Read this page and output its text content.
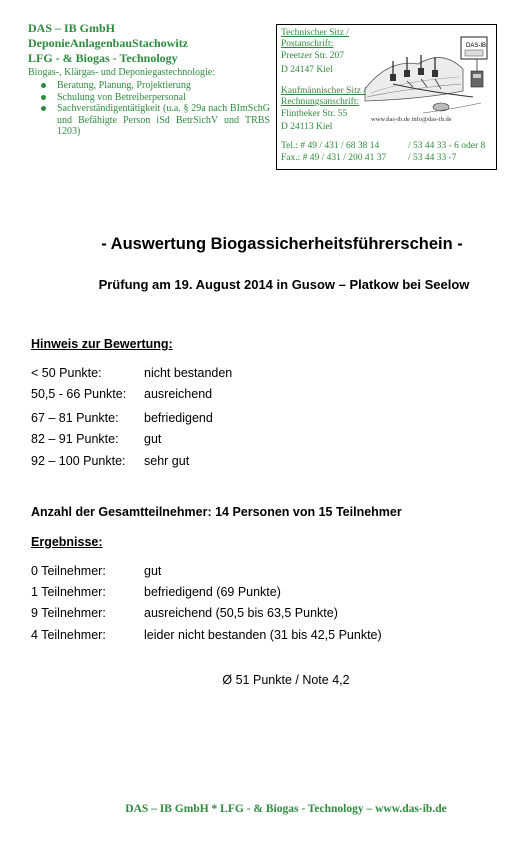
DAS – IB GmbH
DeponieAnlagenbauStachowitz
LFG - & Biogas - Technology
Biogas-, Klärgas- und Deponiegastechnologie:
Beratung, Planung, Projektierung
Schulung von Betreiberpersonal
Sachverständigentätigkeit (u.a. § 29a nach BImSchG und Befähigte Person iSd BetrSichV und TRBS 1203)
DAS-IB
Technischer Sitz /
Postanschrift:
Preetzer Str. 207
D 24147 Kiel
Kaufmännischer Sitz /
Rechnungsanschrift:
Flintbeker Str. 55
D 24113 Kiel
www.das-ib.de info@das-ib.de
Tel.: # 49 / 431 / 68 38 14	/ 53 44 33 - 6 oder 8
Fax.: # 49 / 431 / 200 41 37 / 53 44 33 -7
- Auswertung Biogassicherheitsführerschein -
Prüfung am 19. August 2014 in Gusow – Platkow bei Seelow
Hinweis zur Bewertung:
< 50 Punkte:	nicht bestanden
50,5 - 66 Punkte: ausreichend
67 – 81 Punkte: befriedigend
82 – 91 Punkte: gut
92 – 100 Punkte: sehr gut
Anzahl der Gesamtteilnehmer: 14 Personen von 15 Teilnehmer
Ergebnisse:
0 Teilnehmer:	gut
1 Teilnehmer:	befriedigend (69 Punkte)
9 Teilnehmer:	ausreichend (50,5 bis 63,5 Punkte)
4 Teilnehmer:	leider nicht bestanden (31 bis 42,5 Punkte)
Ø 51 Punkte / Note 4,2
DAS – IB GmbH * LFG - & Biogas - Technology – www.das-ib.de
